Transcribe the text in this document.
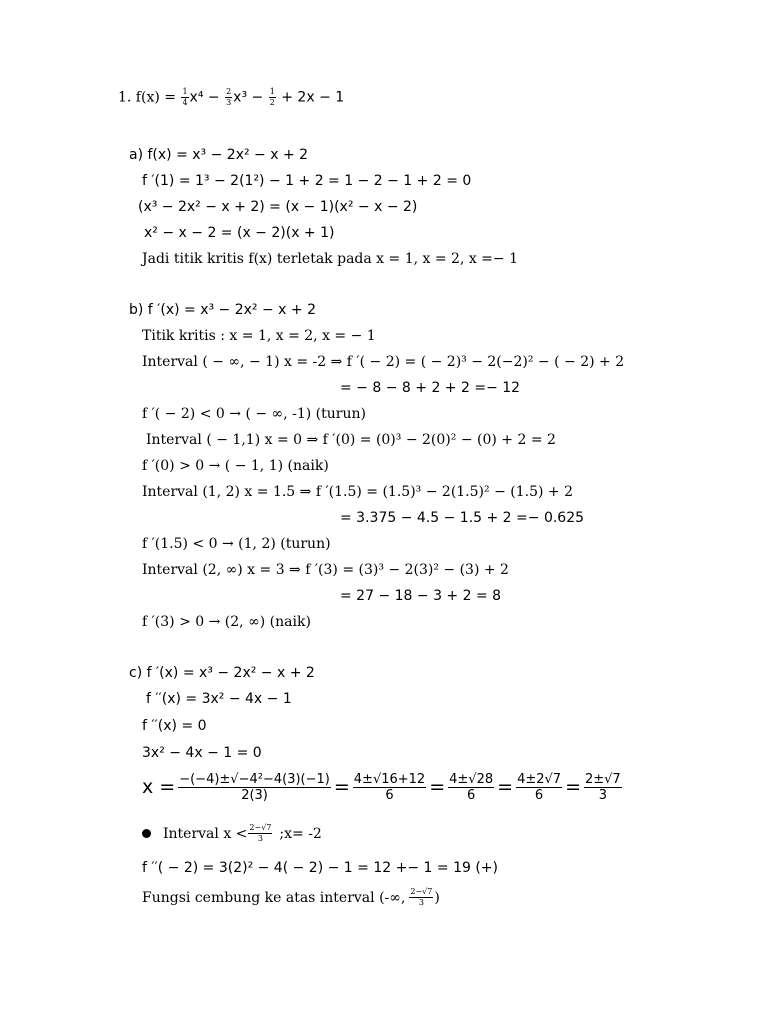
1. $f(x) = \frac{1}{4} x^4 - \frac{2}{3} x^3 - \frac{1}{2} + 2x - 1$
a) f(x) = x³ − 2x² − x + 2
f ′(1) = 1³ − 2(1²) − 1 + 2 = 1 − 2 − 1 + 2 = 0
(x³ − 2x² − x + 2) = (x − 1)(x² − x − 2)
x² − x − 2 = (x − 2)(x + 1)
Jadi titik kritis f(x) terletak pada x = 1, x = 2, x =− 1
b) f ′(x) = x³ − 2x² − x + 2
Titik kritis : x = 1, x = 2, x = − 1
Interval ( − ∞, − 1) x = -2 ⇒ f ′( − 2) = ( − 2)³ − 2(−2)² − ( − 2) + 2
= − 8 − 8 + 2 + 2 =− 12
f ′( − 2) < 0 → ( − ∞, -1) (turun)
Interval ( − 1,1) x = 0 ⇒ f ′(0) = (0)³ − 2(0)² − (0) + 2 = 2
f ′(0) > 0 → ( − 1, 1) (naik)
Interval (1, 2) x = 1.5 ⇒ f ′(1.5) = (1.5)³ − 2(1.5)² − (1.5) + 2
= 3.375 − 4.5 − 1.5 + 2 =− 0.625
f ′(1.5) < 0 → (1, 2) (turun)
Interval (2, ∞) x = 3 ⇒ f ′(3) = (3)³ − 2(3)² − (3) + 2
= 27 − 18 − 3 + 2 = 8
f ′(3) > 0 → (2, ∞) (naik)
c) f ′(x) = x³ − 2x² − x + 2
f ′′(x) = 3x² − 4x − 1
f ′′(x) = 0
3x² − 4x − 1 = 0
$x = \frac{\text{−(−4)±√−4²−4(3)(−1)}}{2(3)} = \frac{4\pm√16+12}{6} = \frac{4\pm√28}{6} = \frac{4\pm 2√7}{6} = \frac{2\pm√7}{3}$
Interval x < 2−√7
3	;x= -2
f ′′( − 2) = 3(2)² − 4( − 2) − 1 = 12 +− 1 = 19 (+)
Fungsi cembung ke atas interval (-∞, 2−√7
3 )
